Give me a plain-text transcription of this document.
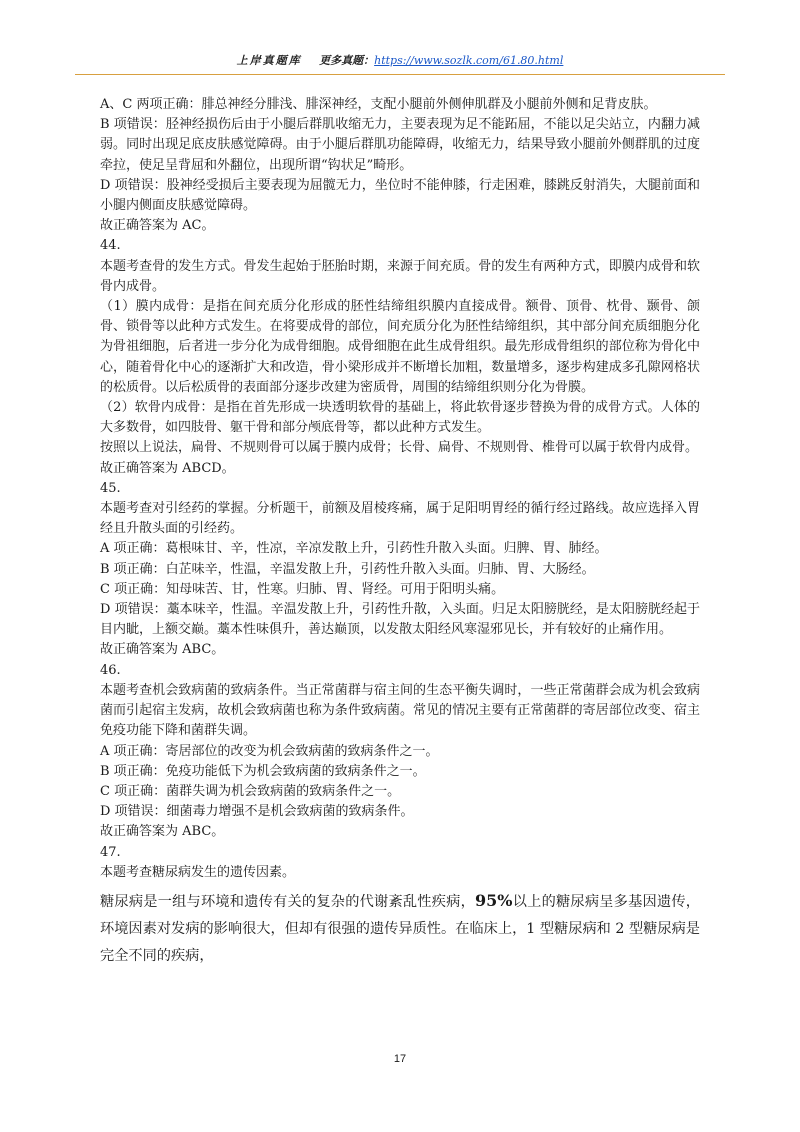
上岸真题库 更多真题：https://www.sozlk.com/61.80.html

A、C 两项正确：腓总神经分腓浅、腓深神经，支配小腿前外侧伸肌群及小腿前外侧和足背皮肤。

B 项错误：胫神经损伤后由于小腿后群肌收缩无力，主要表现为足不能跖屈，不能以足尖站立，内翻力减弱。同时出现足底皮肤感觉障碍。由于小腿后群肌功能障碍，收缩无力，结果导致小腿前外侧群肌的过度牵拉，使足呈背屈和外翻位，出现所谓“钩状足”畸形。

D 项错误：股神经受损后主要表现为屈髋无力，坐位时不能伸膝，行走困难，膝跳反射消失，大腿前面和小腿内侧面皮肤感觉障碍。

故正确答案为 AC。

44.

本题考查骨的发生方式。骨发生起始于胚胎时期，来源于间充质。骨的发生有两种方式，即膜内成骨和软骨内成骨。

（1）膜内成骨：是指在间充质分化形成的胚性结缔组织膜内直接成骨。额骨、顶骨、枕骨、颞骨、颌骨、锁骨等以此种方式发生。在将要成骨的部位，间充质分化为胚性结缔组织，其中部分间充质细胞分化为骨祖细胞，后者进一步分化为成骨细胞。成骨细胞在此生成骨组织。最先形成骨组织的部位称为骨化中心，随着骨化中心的逐渐扩大和改造，骨小梁形成并不断增长加粗，数量增多，逐步构建成多孔隙网格状的松质骨。以后松质骨的表面部分逐步改建为密质骨，周围的结缔组织则分化为骨膜。

（2）软骨内成骨：是指在首先形成一块透明软骨的基础上，将此软骨逐步替换为骨的成骨方式。人体的大多数骨，如四肢骨、躯干骨和部分颅底骨等，都以此种方式发生。

按照以上说法，扁骨、不规则骨可以属于膜内成骨；长骨、扁骨、不规则骨、椎骨可以属于软骨内成骨。

故正确答案为 ABCD。

45.

本题考查对引经药的掌握。分析题干，前额及眉棱疼痛，属于足阳明胃经的循行经过路线。故应选择入胃经且升散头面的引经药。

A 项正确：葛根味甘、辛，性凉，辛凉发散上升，引药性升散入头面。归脾、胃、肺经。

B 项正确：白芷味辛，性温，辛温发散上升，引药性升散入头面。归肺、胃、大肠经。

C 项正确：知母味苦、甘，性寒。归肺、胃、肾经。可用于阳明头痛。

D 项错误：藁本味辛，性温。辛温发散上升，引药性升散，入头面。归足太阳膀胱经，是太阳膀胱经起于目内眦，上额交巅。藁本性味俱升，善达巅顶，以发散太阳经风寒湿邪见长，并有较好的止痛作用。

故正确答案为 ABC。

46.

本题考查机会致病菌的致病条件。当正常菌群与宿主间的生态平衡失调时，一些正常菌群会成为机会致病菌而引起宿主发病，故机会致病菌也称为条件致病菌。常见的情况主要有正常菌群的寄居部位改变、宿主免疫功能下降和菌群失调。

A 项正确：寄居部位的改变为机会致病菌的致病条件之一。

B 项正确：免疫功能低下为机会致病菌的致病条件之一。

C 项正确：菌群失调为机会致病菌的致病条件之一。

D 项错误：细菌毒力增强不是机会致病菌的致病条件。

故正确答案为 ABC。

47.

本题考查糖尿病发生的遗传因素。

糖尿病是一组与环境和遗传有关的复杂的代谢紊乱性疾病，95%以上的糖尿病呈多基因遗传，环境因素对发病的影响很大，但却有很强的遗传异质性。在临床上，1 型糖尿病和 2 型糖尿病是完全不同的疾病，

17
